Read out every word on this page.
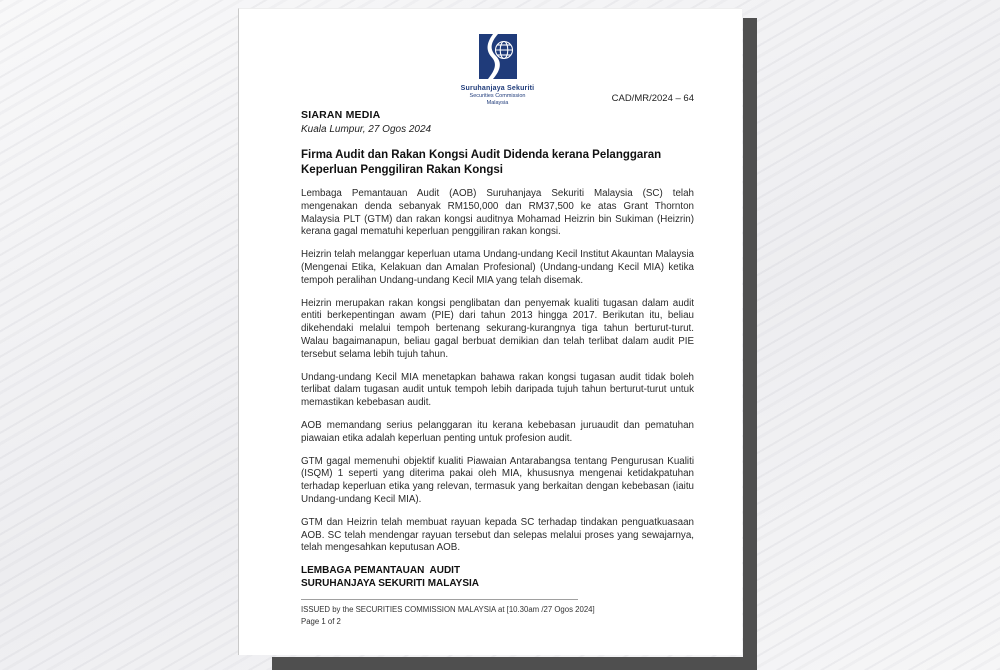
CAD/MR/2024 – 64
Suruhanjaya Sekuriti
Securities Commission
Malaysia
SIARAN MEDIA
Kuala Lumpur, 27 Ogos 2024
Firma Audit dan Rakan Kongsi Audit Didenda kerana Pelanggaran Keperluan Penggiliran Rakan Kongsi

Lembaga Pemantauan Audit (AOB) Suruhanjaya Sekuriti Malaysia (SC) telah mengenakan denda sebanyak RM150,000 dan RM37,500 ke atas Grant Thornton Malaysia PLT (GTM) dan rakan kongsi auditnya Mohamad Heizrin bin Sukiman (Heizrin) kerana gagal mematuhi keperluan penggiliran rakan kongsi.

Heizrin telah melanggar keperluan utama Undang-undang Kecil Institut Akauntan Malaysia (Mengenai Etika, Kelakuan dan Amalan Profesional) (Undang-undang Kecil MIA) ketika tempoh peralihan Undang-undang Kecil MIA yang telah disemak.

Heizrin merupakan rakan kongsi penglibatan dan penyemak kualiti tugasan dalam audit entiti berkepentingan awam (PIE) dari tahun 2013 hingga 2017. Berikutan itu, beliau dikehendaki melalui tempoh bertenang sekurang-kurangnya tiga tahun berturut-turut. Walau bagaimanapun, beliau gagal berbuat demikian dan telah terlibat dalam audit PIE tersebut selama lebih tujuh tahun.

Undang-undang Kecil MIA menetapkan bahawa rakan kongsi tugasan audit tidak boleh terlibat dalam tugasan audit untuk tempoh lebih daripada tujuh tahun berturut-turut untuk memastikan kebebasan audit.

AOB memandang serius pelanggaran itu kerana kebebasan juruaudit dan pematuhan piawaian etika adalah keperluan penting untuk profesion audit.

GTM gagal memenuhi objektif kualiti Piawaian Antarabangsa tentang Pengurusan Kualiti (ISQM) 1 seperti yang diterima pakai oleh MIA, khususnya mengenai ketidakpatuhan terhadap keperluan etika yang relevan, termasuk yang berkaitan dengan kebebasan (iaitu Undang-undang Kecil MIA).

GTM dan Heizrin telah membuat rayuan kepada SC terhadap tindakan penguatkuasaan AOB. SC telah mendengar rayuan tersebut dan selepas melalui proses yang sewajarnya, telah mengesahkan keputusan AOB.

LEMBAGA PEMANTAUAN  AUDIT
SURUHANJAYA SEKURITI MALAYSIA
ISSUED by the SECURITIES COMMISSION MALAYSIA at [10.30am /27 Ogos 2024]
Page 1 of 2
